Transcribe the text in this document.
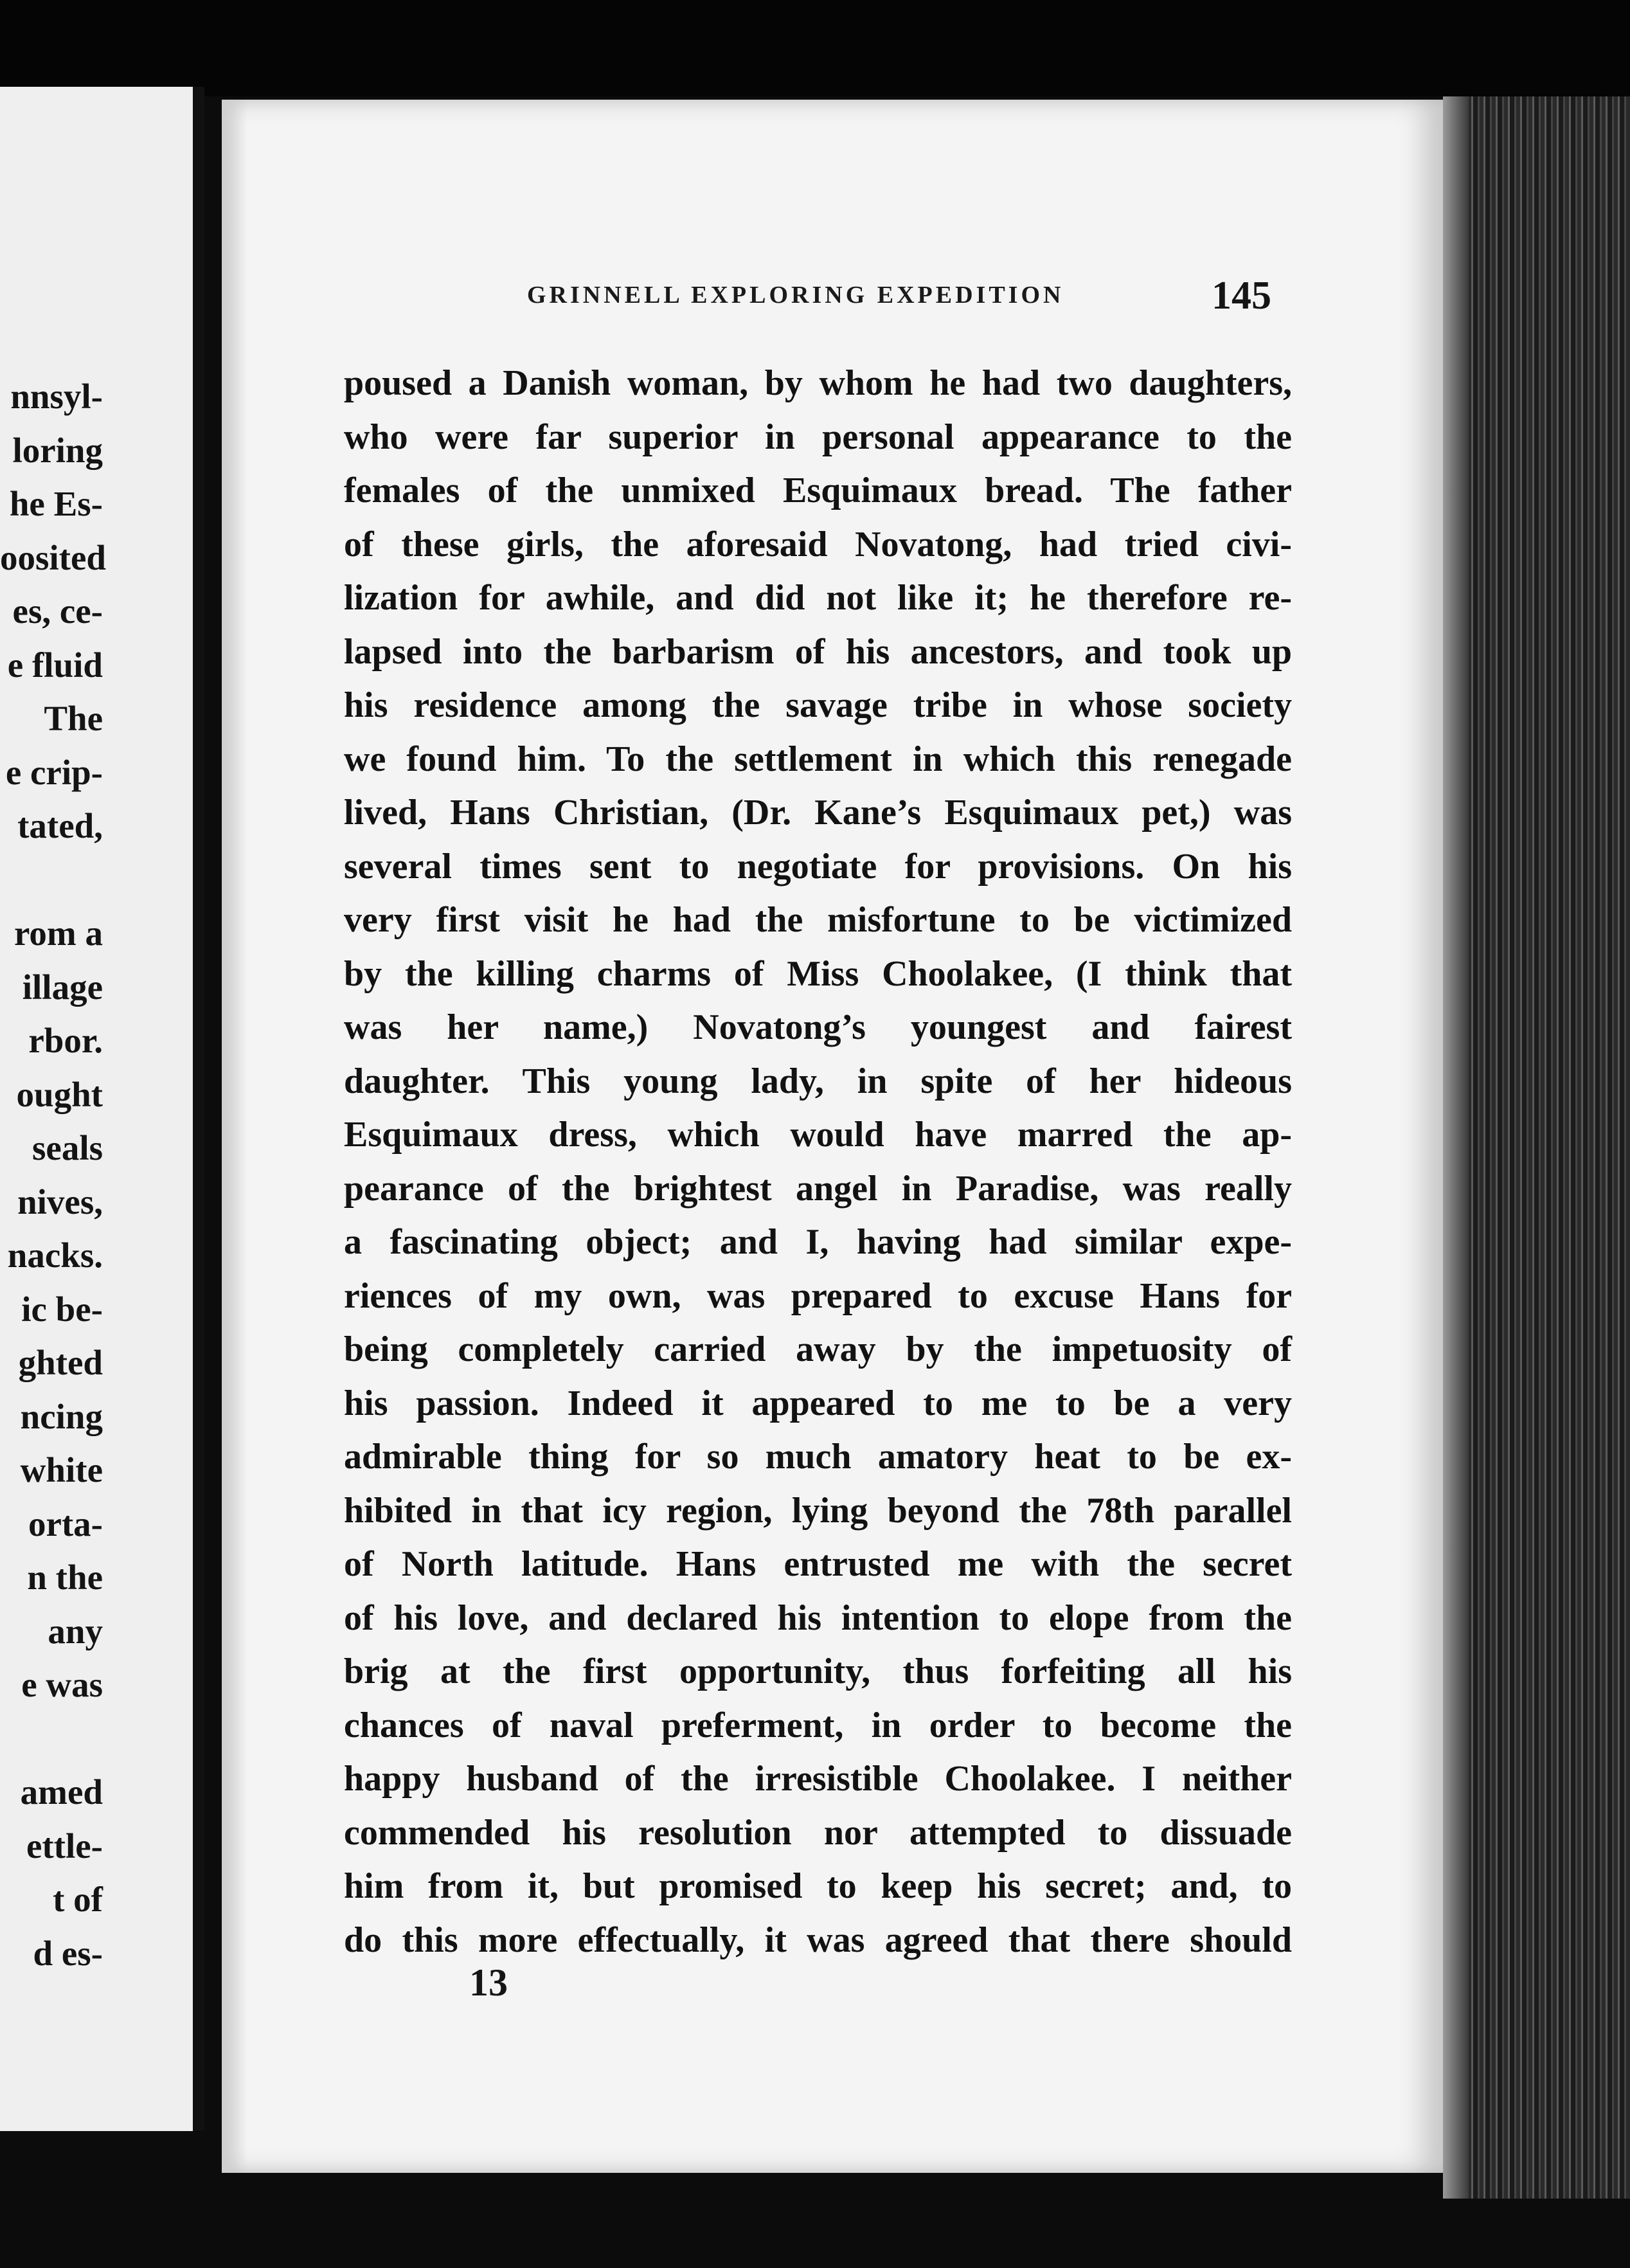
nnsyl-
loring
he Es-
oosited
es, ce-
e fluid
The
e crip-
tated,
rom a
illage
rbor.
ought
seals
nives,
nacks.
ic be-
ghted
ncing
white
orta-
n the
any
e was
amed
ettle-
t of
d es-
GRINNELL EXPLORING EXPEDITION	145
poused a Danish woman, by whom he had two daughters,
who were far superior in personal appearance to the
females of the unmixed Esquimaux bread. The father
of these girls, the aforesaid Novatong, had tried civi-
lization for awhile, and did not like it; he therefore re-
lapsed into the barbarism of his ancestors, and took up
his residence among the savage tribe in whose society
we found him. To the settlement in which this renegade
lived, Hans Christian, (Dr. Kane’s Esquimaux pet,) was
several times sent to negotiate for provisions. On his
very first visit he had the misfortune to be victimized
by the killing charms of Miss Choolakee, (I think that
was her name,) Novatong’s youngest and fairest
daughter. This young lady, in spite of her hideous
Esquimaux dress, which would have marred the ap-
pearance of the brightest angel in Paradise, was really
a fascinating object; and I, having had similar expe-
riences of my own, was prepared to excuse Hans for
being completely carried away by the impetuosity of
his passion. Indeed it appeared to me to be a very
admirable thing for so much amatory heat to be ex-
hibited in that icy region, lying beyond the 78th parallel
of North latitude. Hans entrusted me with the secret
of his love, and declared his intention to elope from the
brig at the first opportunity, thus forfeiting all his
chances of naval preferment, in order to become the
happy husband of the irresistible Choolakee. I neither
commended his resolution nor attempted to dissuade
him from it, but promised to keep his secret; and, to
do this more effectually, it was agreed that there should
13
